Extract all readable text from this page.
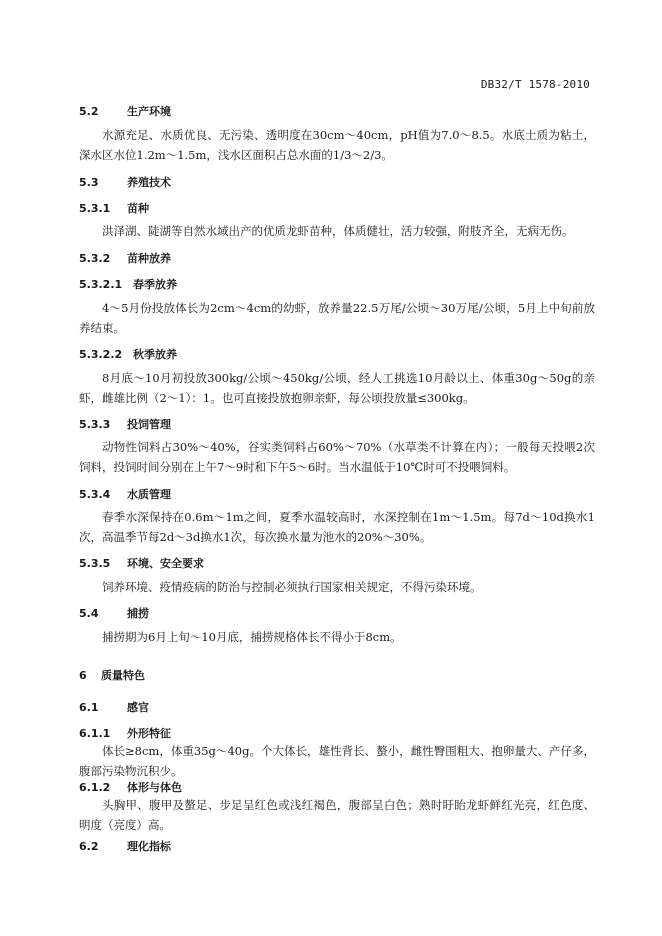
DB32/T 1578-2010
5.2	生产环境
水源充足、水质优良、无污染、透明度在30cm～40cm，pH值为7.0～8.5。水底土质为粘土，深水区水位1.2m～1.5m，浅水区面积占总水面的1/3～2/3。
5.3	养殖技术
5.3.1 苗种
洪泽湖、陡湖等自然水域出产的优质龙虾苗种，体质健壮，活力较强，附肢齐全，无病无伤。
5.3.2 苗种放养
5.3.2.1 春季放养
4～5月份投放体长为2cm～4cm的幼虾，放养量22.5万尾/公顷～30万尾/公顷，5月上中旬前放养结束。
5.3.2.2 秋季放养
8月底～10月初投放300kg/公顷～450kg/公顷，经人工挑选10月龄以上、体重30g～50g的亲虾，雌雄比例（2～1）：1。也可直接投放抱卵亲虾，每公顷投放量≤300kg。
5.3.3 投饲管理
动物性饲料占30%～40%，谷实类饲料占60%～70%（水草类不计算在内）；一般每天投喂2次饲料，投饲时间分别在上午7～9时和下午5～6时。当水温低于10℃时可不投喂饲料。
5.3.4 水质管理
春季水深保持在0.6m～1m之间，夏季水温较高时，水深控制在1m～1.5m。每7d～10d换水1次，高温季节每2d～3d换水1次，每次换水量为池水的20%～30%。
5.3.5 环境、安全要求
饲养环境、疫情疫病的防治与控制必须执行国家相关规定，不得污染环境。
5.4	捕捞
捕捞期为6月上旬～10月底，捕捞规格体长不得小于8cm。
6 质量特色
6.1	感官
6.1.1 外形特征
体长≥8cm，体重35g～40g。个大体长，雄性背长、螯小，雌性臀围粗大、抱卵量大、产仔多，腹部污染物沉积少。
6.1.2 体形与体色
头胸甲、腹甲及螯足、步足呈红色或浅红褐色，腹部呈白色；熟时盱眙龙虾鲜红光亮，红色度、明度（亮度）高。
6.2	理化指标
